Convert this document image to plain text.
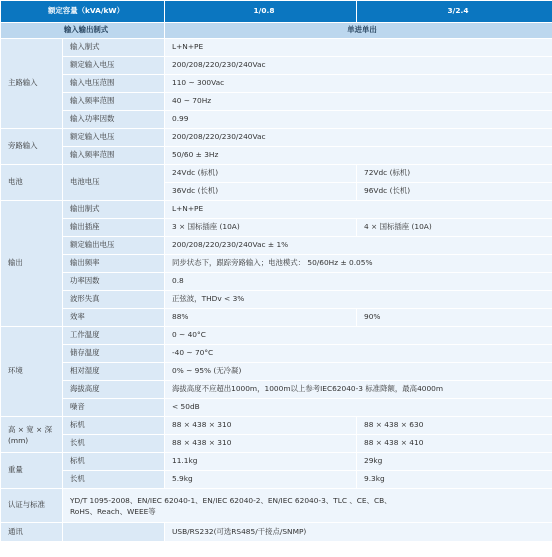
额定容量（kVA/kW）		1/0.8	3/2.4
输入输出制式		单进单出	
主路输入	输入制式	L+N+PE	
	额定输入电压	200/208/220/230/240Vac	
	输入电压范围	110 ~ 300Vac	
	输入频率范围	40 ~ 70Hz	
	输入功率因数	0.99	
旁路输入	额定输入电压	200/208/220/230/240Vac	
	输入频率范围	50/60 ± 3Hz	
电池	电池电压	24Vdc (标机)	72Vdc (标机)
		36Vdc (长机)	96Vdc (长机)
输出	输出制式	L+N+PE	
	输出插座	3 × 国标插座 (10A)	4 × 国标插座 (10A)
	额定输出电压	200/208/220/230/240Vac ± 1%	
	输出频率	同步状态下，跟踪旁路输入；电池模式： 50/60Hz ± 0.05%	
	功率因数	0.8	
	波形失真	正弦波，THDv < 3%	
	效率	88%	90%
环境	工作温度	0 ~ 40°C	
	储存温度	-40 ~ 70°C	
	相对湿度	0% ~ 95% (无冷凝)	
	海拔高度	海拔高度不应超出1000m，1000m以上参考IEC62040-3 标准降额，最高4000m	
	噪音	< 50dB	

高 × 宽 × 深
(mm)	标机	88 × 438 × 310	88 × 438 × 630
	长机	88 × 438 × 310	88 × 438 × 410
重量	标机	11.1kg	29kg
	长机	5.9kg	9.3kg
认证与标准	YD/T 1095-2008、EN/IEC 62040-1、EN/IEC 62040-2、EN/IEC 62040-3、TLC 、CE、CB、
RoHS、Reach、WEEE等		

通讯		USB/RS232(可选RS485/干接点/SNMP)	
